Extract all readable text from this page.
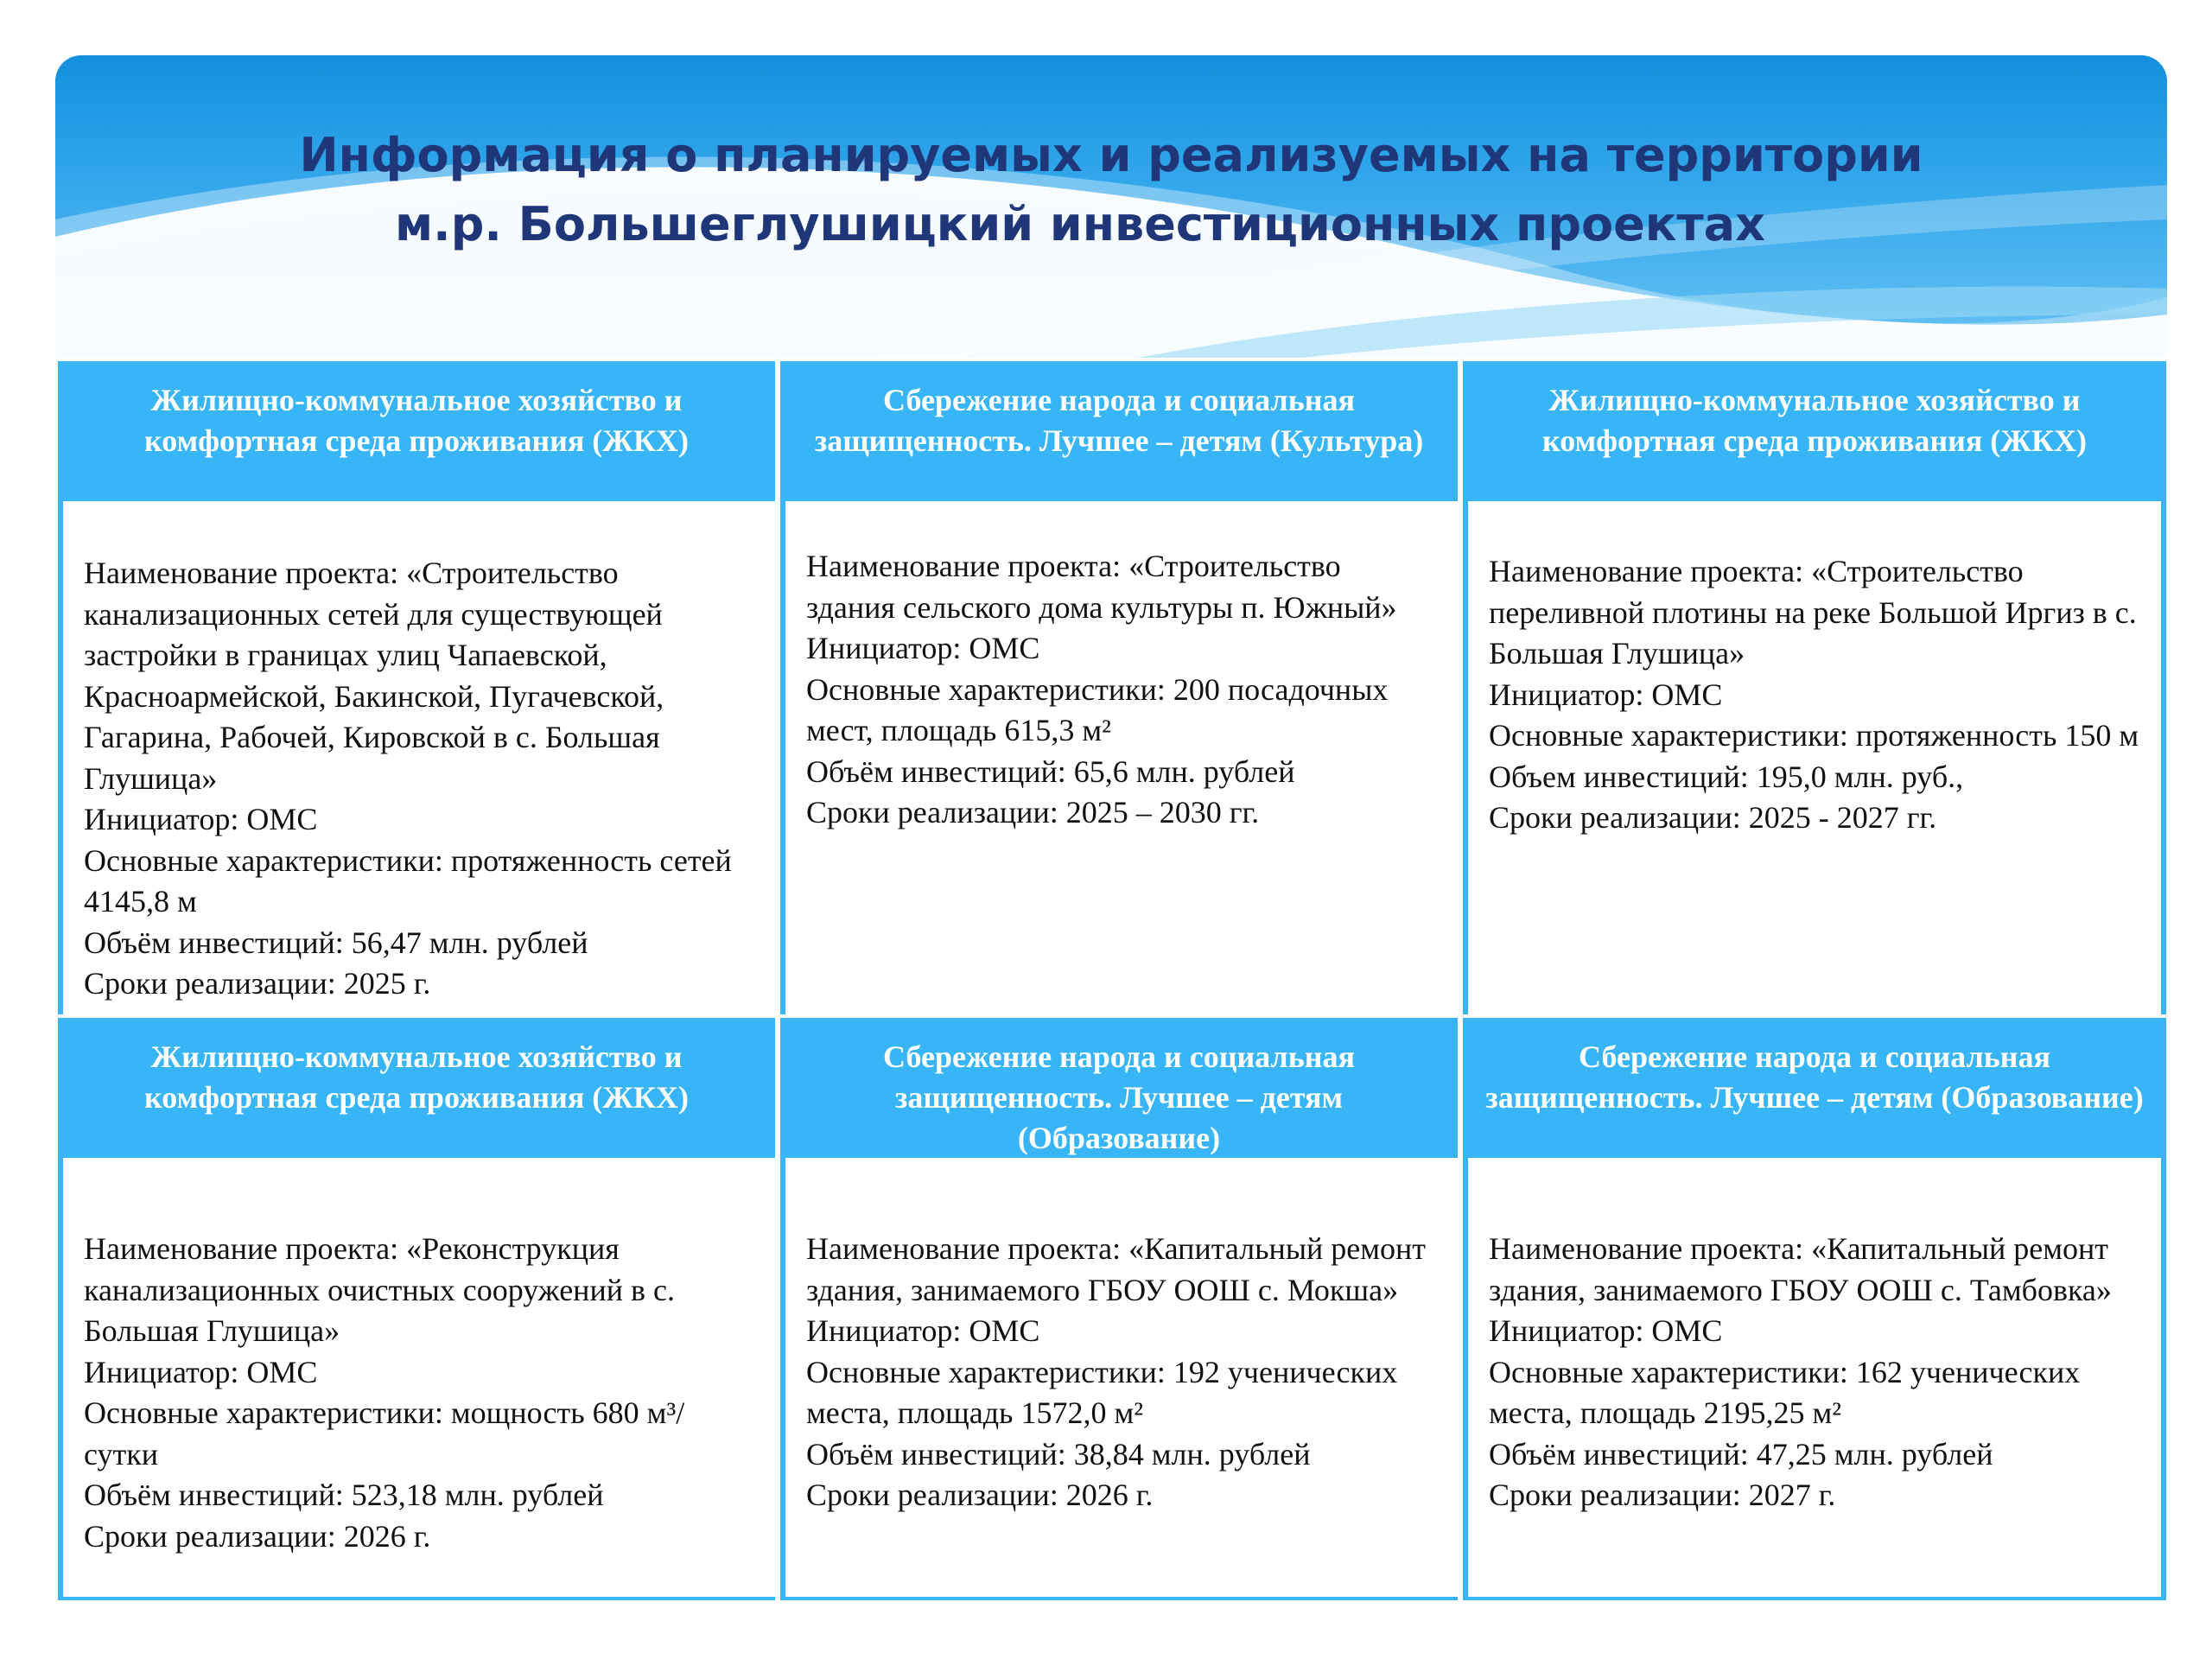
Информация о планируемых и реализуемых на территории
м.р. Большеглушицкий инвестиционных проектах
Жилищно-коммунальное хозяйство и комфортная среда проживания (ЖКХ)
Сбережение народа и социальная защищенность. Лучшее – детям (Культура)
Жилищно-коммунальное хозяйство и комфортная среда проживания (ЖКХ)

Наименование проекта: «Строительство канализационных сетей для существующей застройки в границах улиц Чапаевской, Красноармейской, Бакинской, Пугачевской, Гагарина, Рабочей, Кировской в с. Большая Глушица»

Инициатор: ОМС

Основные характеристики: протяженность сетей 4145,8 м

Объём инвестиций: 56,47 млн. рублей

Сроки реализации: 2025 г.

Наименование проекта: «Строительство здания сельского дома культуры п. Южный»

Инициатор: ОМС

Основные характеристики: 200 посадочных мест, площадь 615,3 м²

Объём инвестиций: 65,6 млн. рублей

Сроки реализации: 2025 – 2030 гг.

Наименование проекта: «Строительство переливной плотины на реке Большой Иргиз в с. Большая Глушица»

Инициатор: ОМС

Основные характеристики: протяженность 150 м

Объем инвестиций: 195,0 млн. руб.,

Сроки реализации: 2025 - 2027 гг.

Жилищно-коммунальное хозяйство и комфортная среда проживания (ЖКХ)
Сбережение народа и социальная защищенность. Лучшее – детям (Образование)
Сбережение народа и социальная защищенность. Лучшее – детям (Образование)

Наименование проекта: «Реконструкция канализационных очистных сооружений в с. Большая Глушица»

Инициатор: ОМС

Основные характеристики: мощность 680 м³/сутки

Объём инвестиций: 523,18 млн. рублей

Сроки реализации: 2026 г.

Наименование проекта: «Капитальный ремонт здания, занимаемого ГБОУ ООШ с. Мокша»

Инициатор: ОМС

Основные характеристики: 192 ученических места, площадь 1572,0 м²

Объём инвестиций: 38,84 млн. рублей

Сроки реализации: 2026 г.

Наименование проекта: «Капитальный ремонт здания, занимаемого ГБОУ ООШ с. Тамбовка»

Инициатор: ОМС

Основные характеристики: 162 ученических места, площадь 2195,25 м²

Объём инвестиций: 47,25 млн. рублей

Сроки реализации: 2027 г.
